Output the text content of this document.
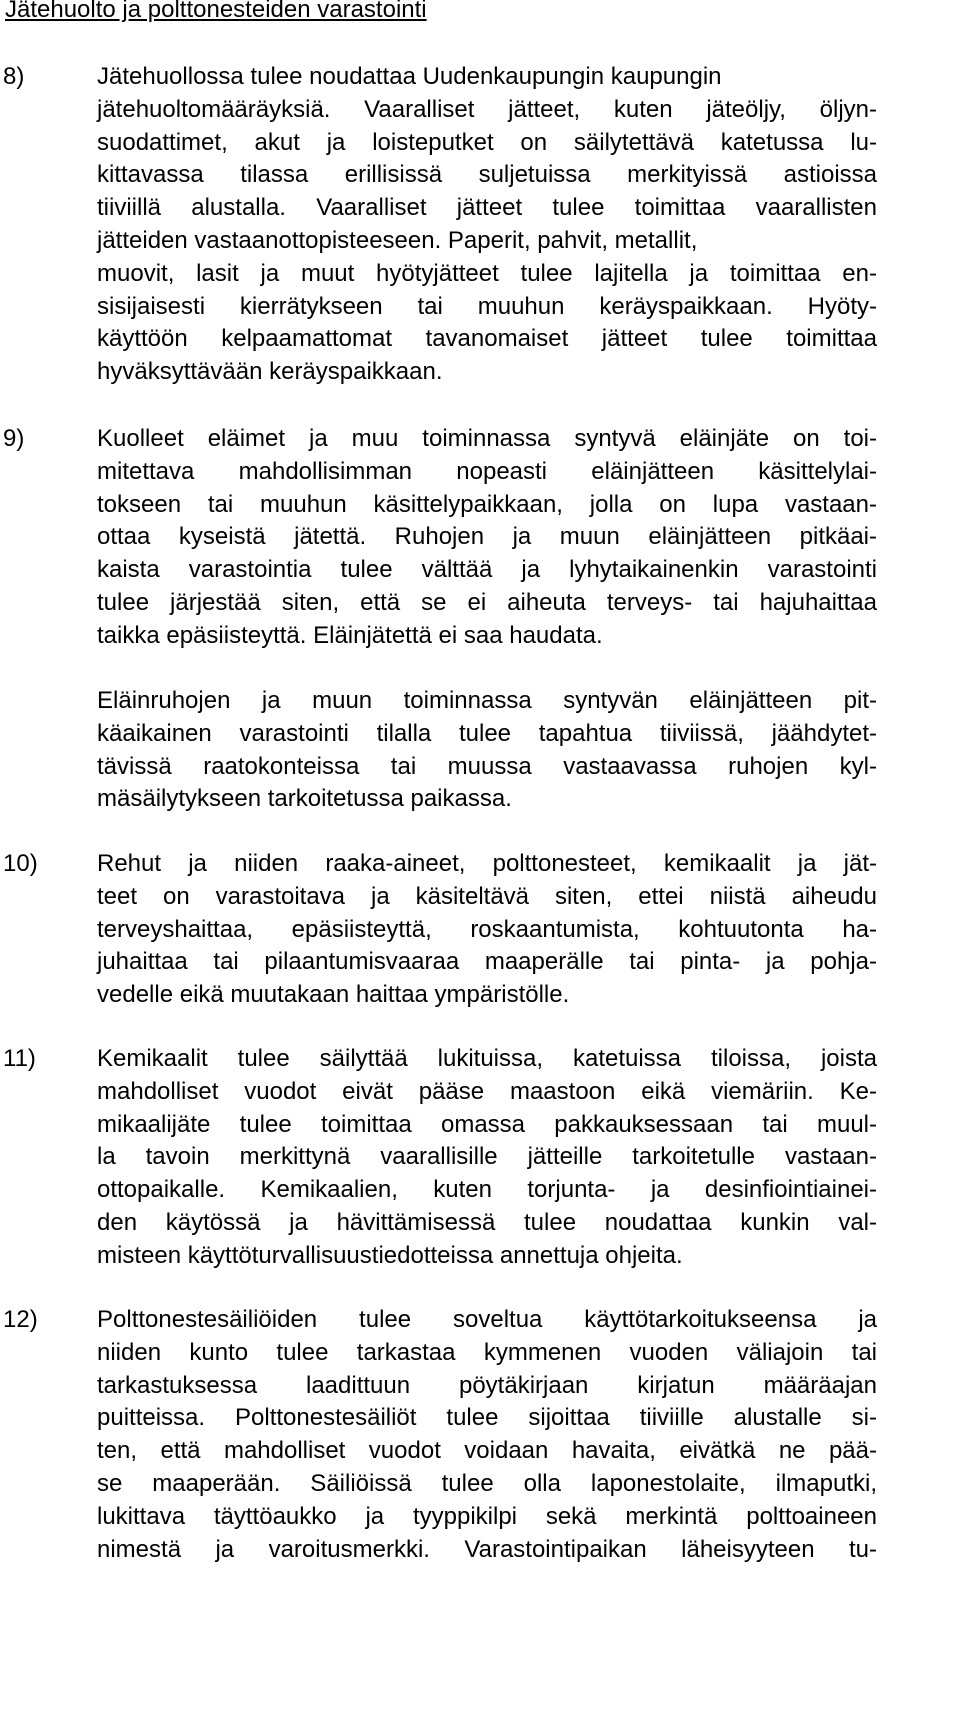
Jätehuolto ja polttonesteiden varastointi
8)	Jätehuollossa tulee noudattaa Uudenkaupungin kaupungin
jätehuoltomääräyksiä. Vaaralliset jätteet, kuten jäteöljy, öljyn-
suodattimet, akut ja loisteputket on säilytettävä katetussa lu-
kittavassa tilassa erillisissä suljetuissa merkityissä astioissa
tiiviillä alustalla. Vaaralliset jätteet tulee toimittaa vaarallisten
jätteiden vastaanottopisteeseen. Paperit, pahvit, metallit,
muovit, lasit ja muut hyötyjätteet tulee lajitella ja toimittaa en-
sisijaisesti kierrätykseen tai muuhun keräyspaikkaan. Hyöty-
käyttöön kelpaamattomat tavanomaiset jätteet tulee toimittaa
hyväksyttävään keräyspaikkaan.
9)	Kuolleet eläimet ja muu toiminnassa syntyvä eläinjäte on toi-
mitettava mahdollisimman nopeasti eläinjätteen käsittelylai-
tokseen tai muuhun käsittelypaikkaan, jolla on lupa vastaan-
ottaa kyseistä jätettä. Ruhojen ja muun eläinjätteen pitkäai-
kaista varastointia tulee välttää ja lyhytaikainenkin varastointi
tulee järjestää siten, että se ei aiheuta terveys- tai hajuhaittaa
taikka epäsiisteyttä. Eläinjätettä ei saa haudata.
Eläinruhojen ja muun toiminnassa syntyvän eläinjätteen pit-
käaikainen varastointi tilalla tulee tapahtua tiiviissä, jäähdytet-
tävissä raatokonteissa tai muussa vastaavassa ruhojen kyl-
mäsäilytykseen tarkoitetussa paikassa.
10) Rehut ja niiden raaka-aineet, polttonesteet, kemikaalit ja jät-
teet on varastoitava ja käsiteltävä siten, ettei niistä aiheudu
terveyshaittaa, epäsiisteyttä, roskaantumista, kohtuutonta ha-
juhaittaa tai pilaantumisvaaraa maaperälle tai pinta- ja pohja-
vedelle eikä muutakaan haittaa ympäristölle.
11)	Kemikaalit tulee säilyttää lukituissa, katetuissa tiloissa, joista
mahdolliset vuodot eivät pääse maastoon eikä viemäriin. Ke-
mikaalijäte tulee toimittaa omassa pakkauksessaan tai muul-
la tavoin merkittynä vaarallisille jätteille tarkoitetulle vastaan-
ottopaikalle. Kemikaalien, kuten torjunta- ja desinfiointiainei-
den käytössä ja hävittämisessä tulee noudattaa kunkin val-
misteen käyttöturvallisuustiedotteissa annettuja ohjeita.
12) Polttonestesäiliöiden tulee soveltua käyttötarkoitukseensa ja
niiden kunto tulee tarkastaa kymmenen vuoden väliajoin tai
tarkastuksessa laadittuun pöytäkirjaan kirjatun määräajan
puitteissa. Polttonestesäiliöt tulee sijoittaa tiiviille alustalle si-
ten, että mahdolliset vuodot voidaan havaita, eivätkä ne pää-
se maaperään. Säiliöissä tulee olla laponestolaite, ilmaputki,
lukittava täyttöaukko ja tyyppikilpi sekä merkintä polttoaineen
nimestä ja varoitusmerkki. Varastointipaikan läheisyyteen tu-
